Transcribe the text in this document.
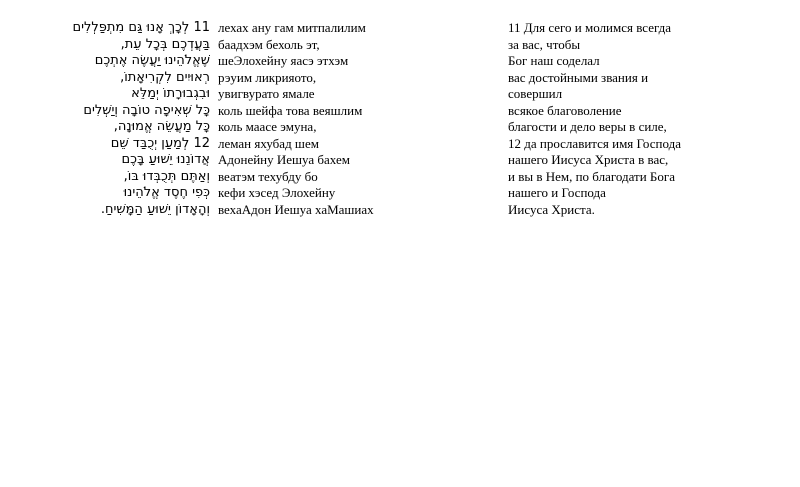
11 לְכָךְ אָנוּ גַּם מִתְפַּלְלִים
בַּעֲדְכֶם בְּכָל עֵת,
שֶׁאֱלֹהֵינוּ יַעֲשֶׂה אֶתְכֶם
רְאוּיִים לִקְרִיאָתוֹ,
וּבִגְבוּרָתוֹ יְמַלֵּא
כָּל שְׁאִיפָה טוֹבָה וְיַשְׁלִים
כָּל מַעֲשֵׂה אֱמוּנָה,
12 לְמַעַן יְכֻבַּד שֵׁם
אֲדוֹנֵנוּ יֵשׁוּעַ בָּכֶם
וְאַתֶּם תְּכֻבְּדוּ בּוֹ,
כְּפִי חֶסֶד אֱלֹהֵינוּ
וְהָאָדוֹן יֵשׁוּעַ הַמָּשִׁיחַ.
лехах ану гам митпалилим
баадхэм бехоль эт,
шеЭлохейну яасэ этхэм
рэуим ликрияото,
увигвурато ямале
коль шейфа това веяшлим
коль маасе эмуна,
леман яхубад шем
Адонейну Иешуа бахем
веатэм техубду бо
кефи хэсед Элохейну
вехаАдон Иешуа хаМашиах
11 Для сего и молимся всегда
за вас, чтобы
Бог наш соделал
вас достойными звания и
совершил
всякое благоволение
благости и дело веры в силе,
12 да прославится имя Господа
нашего Иисуса Христа в вас,
и вы в Нем, по благодати Бога
нашего и Господа
Иисуса Христа.
